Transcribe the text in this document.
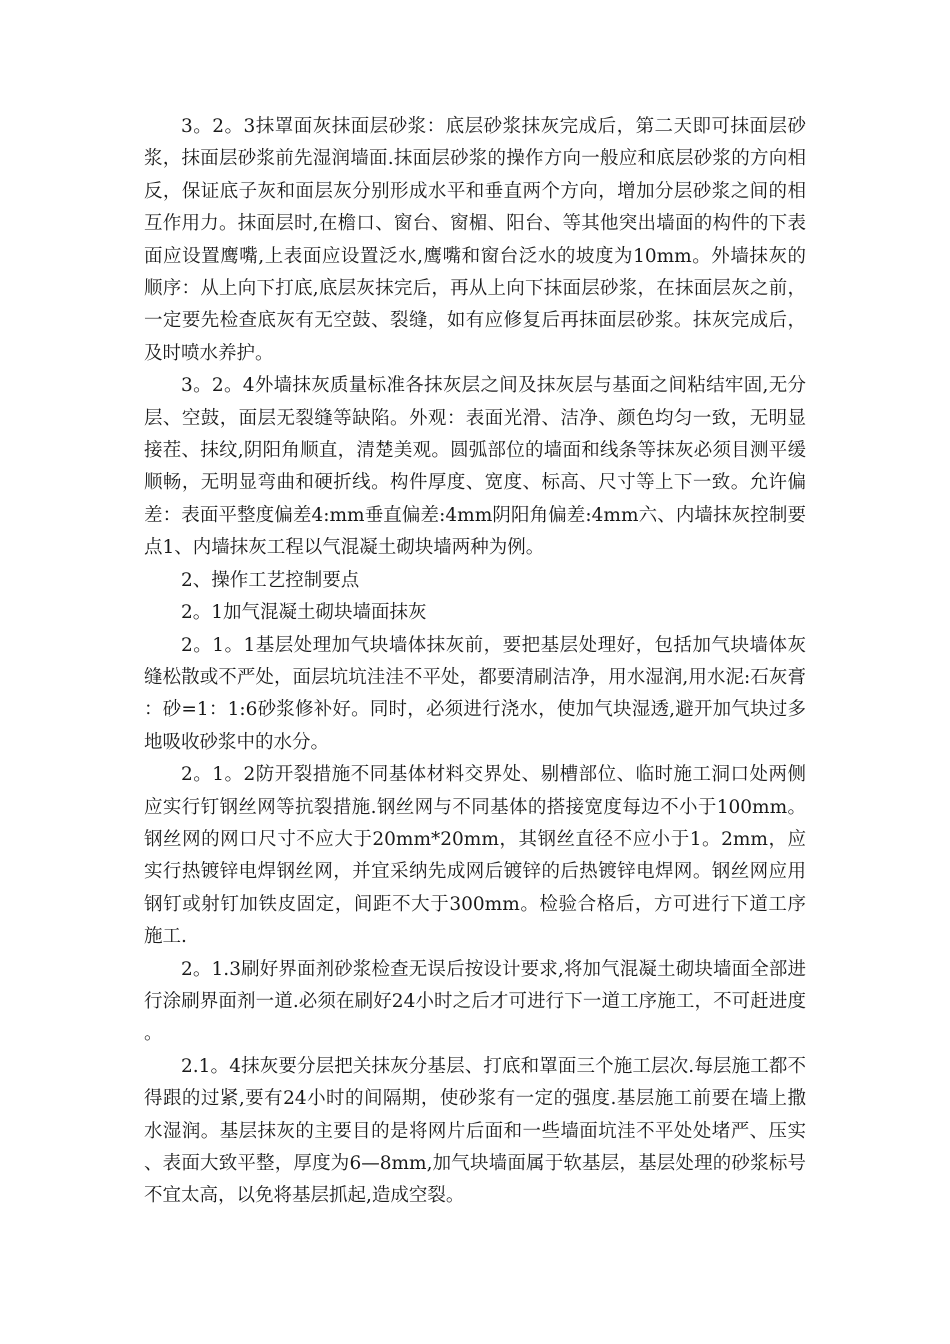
3。2。3抹罩面灰抹面层砂浆：底层砂浆抹灰完成后，第二天即可抹面层砂浆，抹面层砂浆前先湿润墙面.抹面层砂浆的操作方向一般应和底层砂浆的方向相反，保证底子灰和面层灰分别形成水平和垂直两个方向，增加分层砂浆之间的相互作用力。抹面层时,在檐口、窗台、窗楣、阳台、等其他突出墙面的构件的下表面应设置鹰嘴,上表面应设置泛水,鹰嘴和窗台泛水的坡度为10mm。外墙抹灰的顺序：从上向下打底,底层灰抹完后，再从上向下抹面层砂浆，在抹面层灰之前，一定要先检查底灰有无空鼓、裂缝，如有应修复后再抹面层砂浆。抹灰完成后，及时喷水养护。

3。2。4外墙抹灰质量标准各抹灰层之间及抹灰层与基面之间粘结牢固,无分层、空鼓，面层无裂缝等缺陷。外观：表面光滑、洁净、颜色均匀一致，无明显接茬、抹纹,阴阳角顺直，清楚美观。圆弧部位的墙面和线条等抹灰必须目测平缓顺畅，无明显弯曲和硬折线。构件厚度、宽度、标高、尺寸等上下一致。允许偏差：表面平整度偏差4:mm垂直偏差:4mm阴阳角偏差:4mm六、内墙抹灰控制要点1、内墙抹灰工程以气混凝土砌块墙两种为例。

2、操作工艺控制要点

2。1加气混凝土砌块墙面抹灰

2。1。1基层处理加气块墙体抹灰前，要把基层处理好，包括加气块墙体灰缝松散或不严处，面层坑坑洼洼不平处，都要清刷洁净，用水湿润,用水泥:石灰膏：砂=1：1:6砂浆修补好。同时，必须进行浇水，使加气块湿透,避开加气块过多地吸收砂浆中的水分。

2。1。2防开裂措施不同基体材料交界处、剔槽部位、临时施工洞口处两侧应实行钉钢丝网等抗裂措施.钢丝网与不同基体的搭接宽度每边不小于100mm。钢丝网的网口尺寸不应大于20mm*20mm，其钢丝直径不应小于1。2mm，应实行热镀锌电焊钢丝网，并宜采纳先成网后镀锌的后热镀锌电焊网。钢丝网应用钢钉或射钉加铁皮固定，间距不大于300mm。检验合格后，方可进行下道工序施工.

2。1.3刷好界面剂砂浆检查无误后按设计要求,将加气混凝土砌块墙面全部进行涂刷界面剂一道.必须在刷好24小时之后才可进行下一道工序施工，不可赶进度。

2.1。4抹灰要分层把关抹灰分基层、打底和罩面三个施工层次.每层施工都不得跟的过紧,要有24小时的间隔期，使砂浆有一定的强度.基层施工前要在墙上撒水湿润。基层抹灰的主要目的是将网片后面和一些墙面坑洼不平处处堵严、压实、表面大致平整，厚度为6—8mm,加气块墙面属于软基层，基层处理的砂浆标号不宜太高，以免将基层抓起,造成空裂。
